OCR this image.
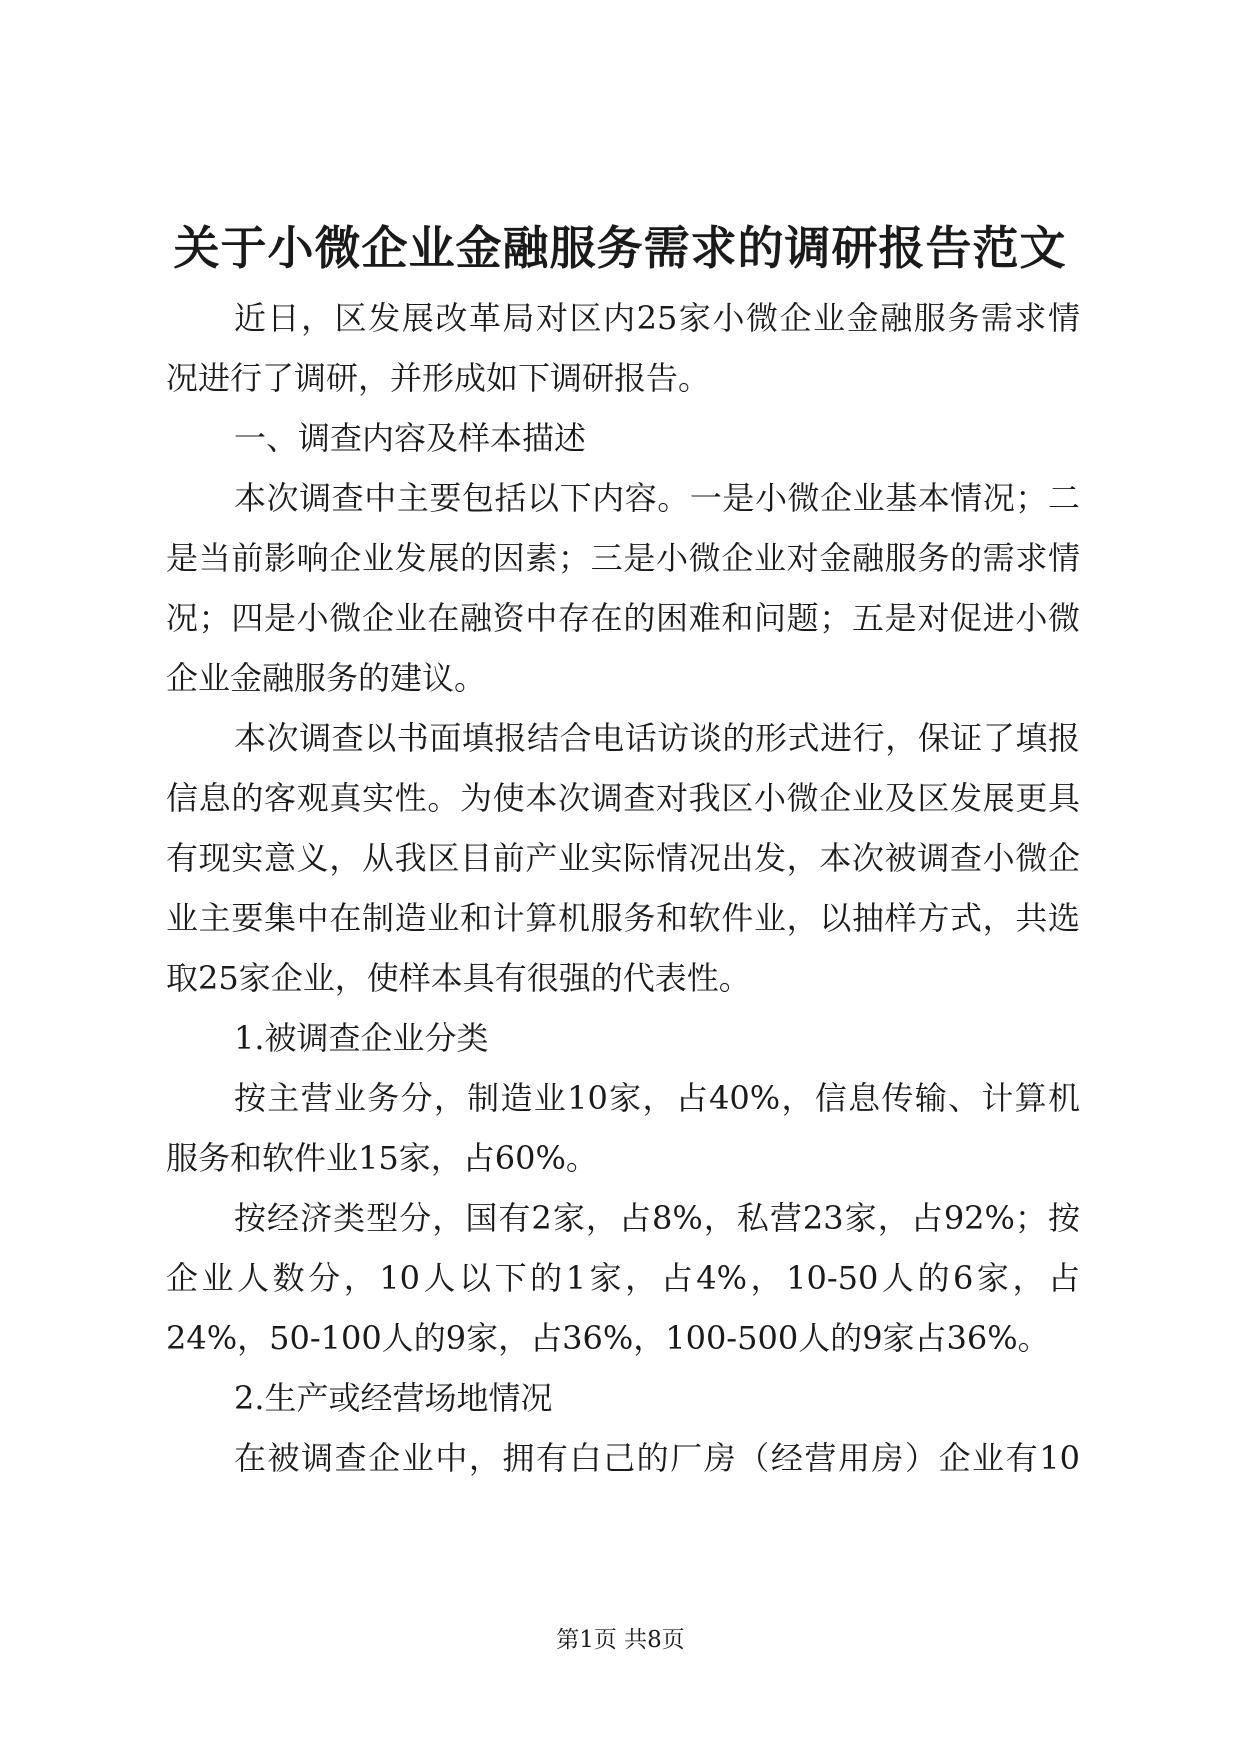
关于小微企业金融服务需求的调研报告范文
近日，区发展改革局对区内25家小微企业金融服务需求情
况进行了调研，并形成如下调研报告。
一、调查内容及样本描述
本次调查中主要包括以下内容。一是小微企业基本情况；二
是当前影响企业发展的因素；三是小微企业对金融服务的需求情
况；四是小微企业在融资中存在的困难和问题；五是对促进小微
企业金融服务的建议。
本次调查以书面填报结合电话访谈的形式进行，保证了填报
信息的客观真实性。为使本次调查对我区小微企业及区发展更具
有现实意义，从我区目前产业实际情况出发，本次被调查小微企
业主要集中在制造业和计算机服务和软件业，以抽样方式，共选
取25家企业，使样本具有很强的代表性。
1.被调查企业分类
按主营业务分，制造业10家，占40%，信息传输、计算机
服务和软件业15家，占60%。
按经济类型分，国有2家，占8%，私营23家，占92%；按
企业人数分，10人以下的1家，占4%，10-50人的6家，占
24%，50-100人的9家，占36%，100-500人的9家占36%。
2.生产或经营场地情况
在被调查企业中，拥有白己的厂房（经营用房）企业有10
第1页 共8页
